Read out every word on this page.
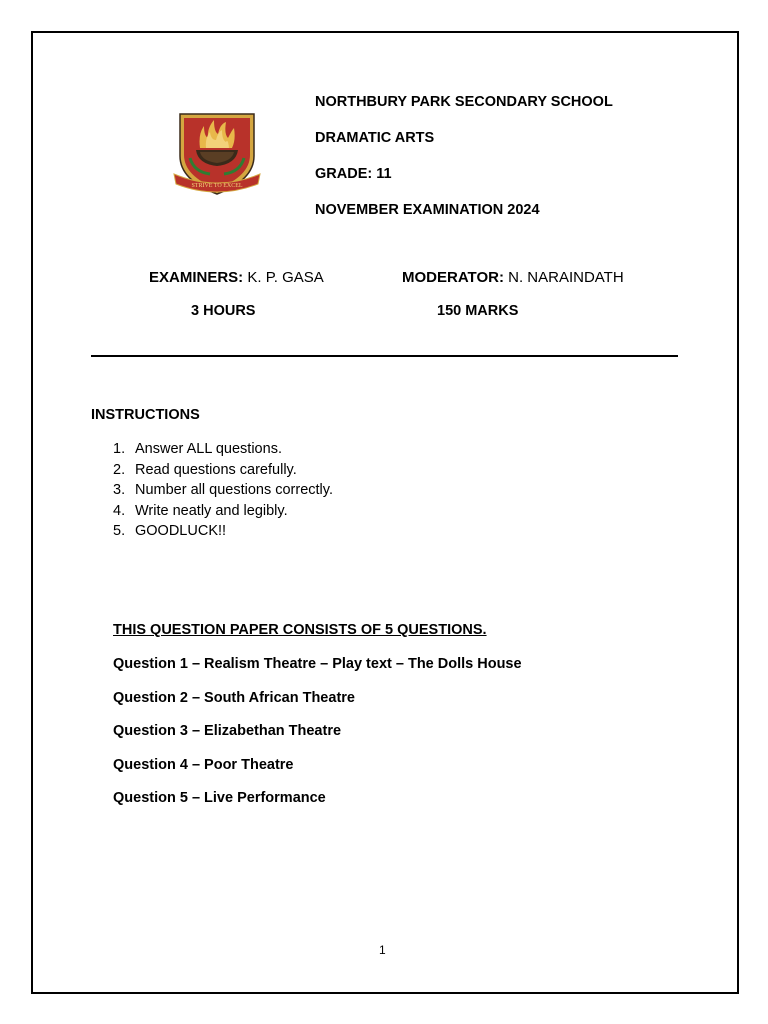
STRIVE TO EXCEL
NORTHBURY PARK SECONDARY SCHOOL
DRAMATIC ARTS
GRADE: 11
NOVEMBER EXAMINATION 2024
EXAMINERS: K. P. GASA	MODERATOR: N. NARAINDATH
3 HOURS	150 MARKS
INSTRUCTIONS
1. Answer ALL questions.
2. Read questions carefully.
3. Number all questions correctly.
4. Write neatly and legibly.
5. GOODLUCK!!
THIS QUESTION PAPER CONSISTS OF 5 QUESTIONS.
Question 1 – Realism Theatre – Play text – The Dolls House
Question 2 – South African Theatre
Question 3 – Elizabethan Theatre
Question 4 – Poor Theatre
Question 5 – Live Performance
1
